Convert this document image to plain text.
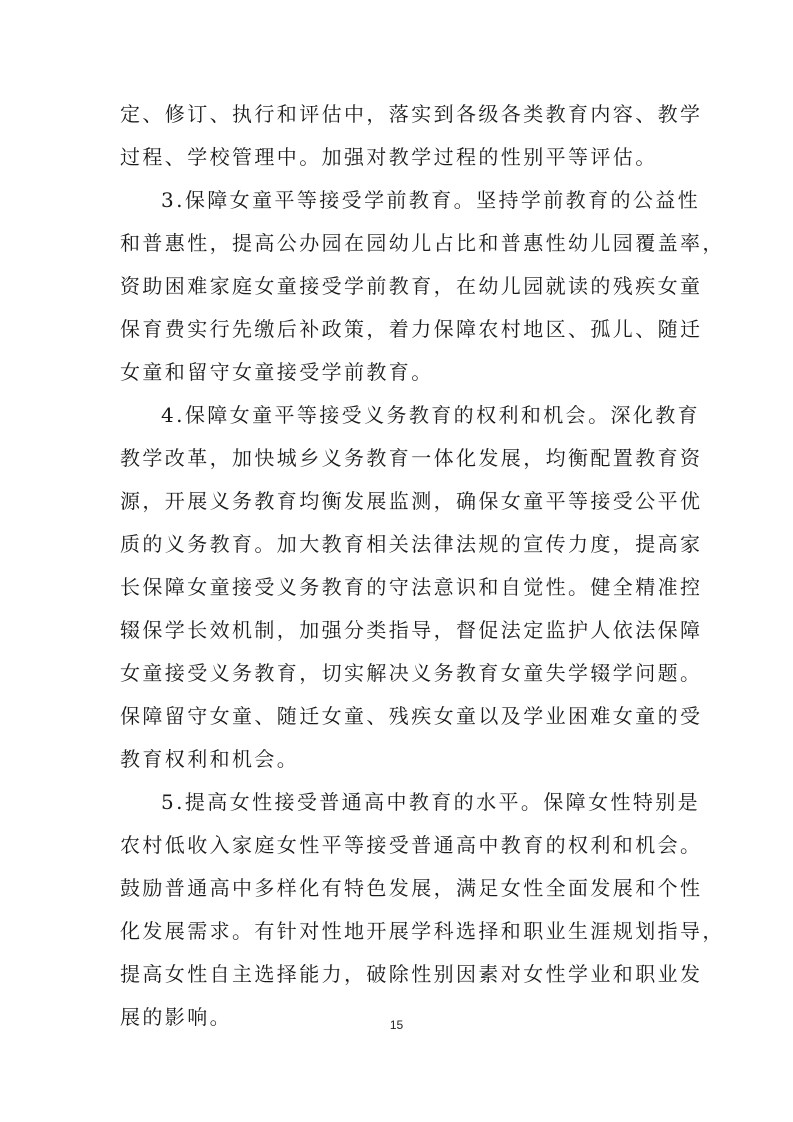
定、修订、执行和评估中，落实到各级各类教育内容、教学
过程、学校管理中。加强对教学过程的性别平等评估。
3.保障女童平等接受学前教育。坚持学前教育的公益性
和普惠性，提高公办园在园幼儿占比和普惠性幼儿园覆盖率，
资助困难家庭女童接受学前教育，在幼儿园就读的残疾女童
保育费实行先缴后补政策，着力保障农村地区、孤儿、随迁
女童和留守女童接受学前教育。
4.保障女童平等接受义务教育的权利和机会。深化教育
教学改革，加快城乡义务教育一体化发展，均衡配置教育资
源，开展义务教育均衡发展监测，确保女童平等接受公平优
质的义务教育。加大教育相关法律法规的宣传力度，提高家
长保障女童接受义务教育的守法意识和自觉性。健全精准控
辍保学长效机制，加强分类指导，督促法定监护人依法保障
女童接受义务教育，切实解决义务教育女童失学辍学问题。
保障留守女童、随迁女童、残疾女童以及学业困难女童的受
教育权利和机会。
5.提高女性接受普通高中教育的水平。保障女性特别是
农村低收入家庭女性平等接受普通高中教育的权利和机会。
鼓励普通高中多样化有特色发展，满足女性全面发展和个性
化发展需求。有针对性地开展学科选择和职业生涯规划指导，
提高女性自主选择能力，破除性别因素对女性学业和职业发
展的影响。	15
